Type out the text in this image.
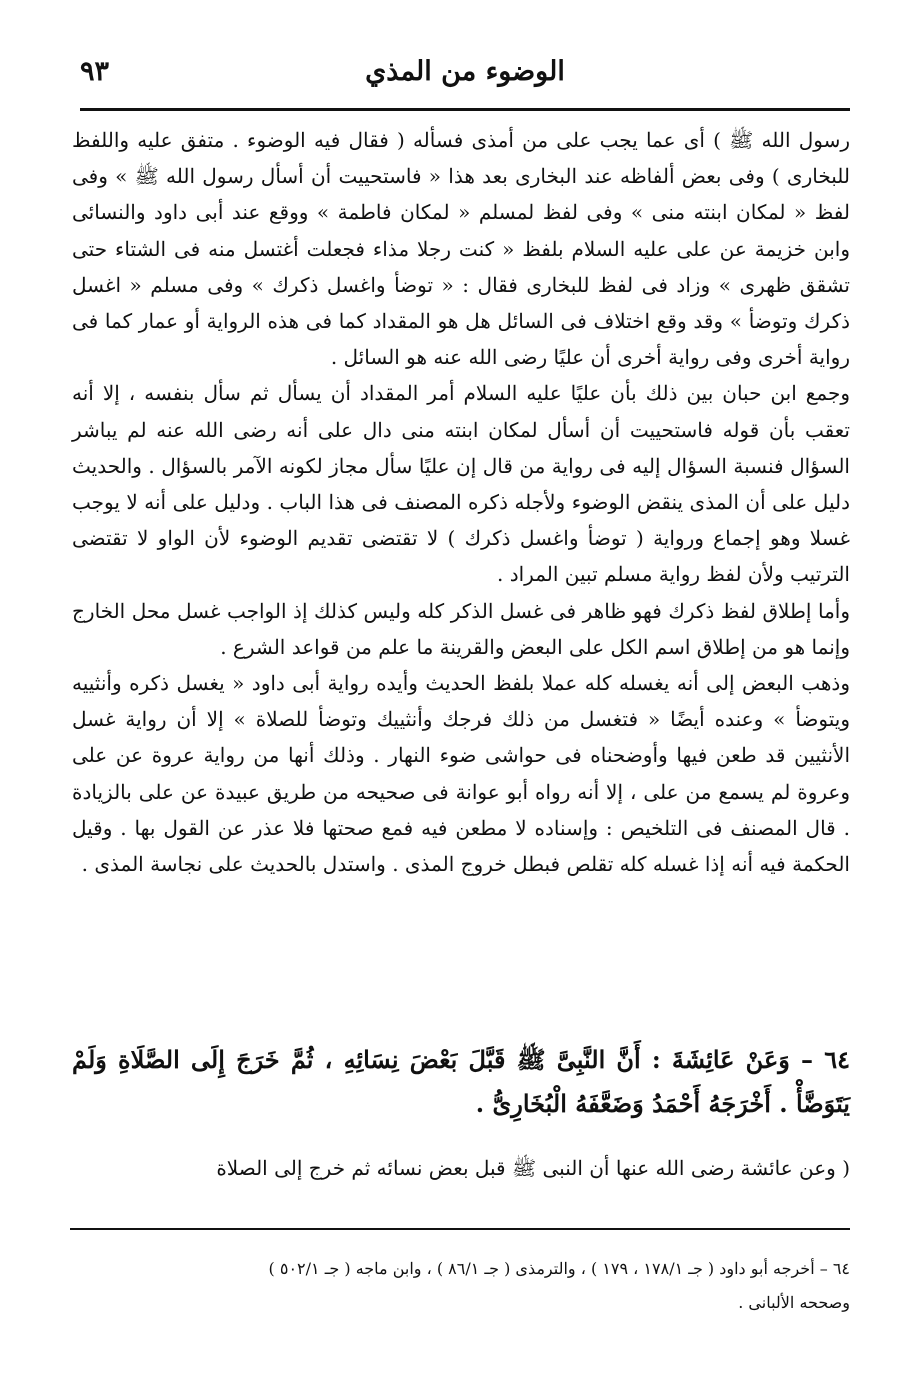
الوضوء من المذي
٩٣

رسول الله ﷺ ) أى عما يجب على من أمذى فسأله ( فقال فيه الوضوء . متفق عليه واللفظ للبخارى ) وفى بعض ألفاظه عند البخارى بعد هذا « فاستحييت أن أسأل رسول الله ﷺ » وفى لفظ « لمكان ابنته منى » وفى لفظ لمسلم « لمكان فاطمة » ووقع عند أبى داود والنسائى وابن خزيمة عن على عليه السلام بلفظ « كنت رجلا مذاء فجعلت أغتسل منه فى الشتاء حتى تشقق ظهرى » وزاد فى لفظ للبخارى فقال : « توضأ واغسل ذكرك » وفى مسلم « اغسل ذكرك وتوضأ » وقد وقع اختلاف فى السائل هل هو المقداد كما فى هذه الرواية أو عمار كما فى رواية أخرى وفى رواية أخرى أن عليًا رضى الله عنه هو السائل .

وجمع ابن حبان بين ذلك بأن عليًا عليه السلام أمر المقداد أن يسأل ثم سأل بنفسه ، إلا أنه تعقب بأن قوله فاستحييت أن أسأل لمكان ابنته منى دال على أنه رضى الله عنه لم يباشر السؤال فنسبة السؤال إليه فى رواية من قال إن عليًا سأل مجاز لكونه الآمر بالسؤال . والحديث دليل على أن المذى ينقض الوضوء ولأجله ذكره المصنف فى هذا الباب . ودليل على أنه لا يوجب غسلا وهو إجماع ورواية ( توضأ واغسل ذكرك ) لا تقتضى تقديم الوضوء لأن الواو لا تقتضى الترتيب ولأن لفظ رواية مسلم تبين المراد .

وأما إطلاق لفظ ذكرك فهو ظاهر فى غسل الذكر كله وليس كذلك إذ الواجب غسل محل الخارج وإنما هو من إطلاق اسم الكل على البعض والقرينة ما علم من قواعد الشرع .

وذهب البعض إلى أنه يغسله كله عملا بلفظ الحديث وأيده رواية أبى داود « يغسل ذكره وأنثييه ويتوضأ » وعنده أيضًا « فتغسل من ذلك فرجك وأنثييك وتوضأ للصلاة » إلا أن رواية غسل الأنثيين قد طعن فيها وأوضحناه فى حواشى ضوء النهار . وذلك أنها من رواية عروة عن على وعروة لم يسمع من على ، إلا أنه رواه أبو عوانة فى صحيحه من طريق عبيدة عن على بالزيادة . قال المصنف فى التلخيص : وإسناده لا مطعن فيه فمع صحتها فلا عذر عن القول بها . وقيل الحكمة فيه أنه إذا غسله كله تقلص فبطل خروج المذى . واستدل بالحديث على نجاسة المذى .

٦٤ – وَعَنْ عَائِشَةَ : أَنَّ النَّبِىَّ ﷺ قَبَّلَ بَعْضَ نِسَائِهِ ، ثُمَّ خَرَجَ إِلَى الصَّلَاةِ وَلَمْ يَتَوَضَّأْ . أَخْرَجَهُ أَحْمَدُ وَضَعَّفَهُ الْبُخَارِىُّ .

( وعن عائشة رضى الله عنها أن النبى ﷺ قبل بعض نسائه ثم خرج إلى الصلاة

٦٤ – أخرجه أبو داود ( جـ ١٧٨/١ ، ١٧٩ ) ، والترمذى ( جـ ٨٦/١ ) ، وابن ماجه ( جـ ٥٠٢/١ )

وصححه الألبانى .
